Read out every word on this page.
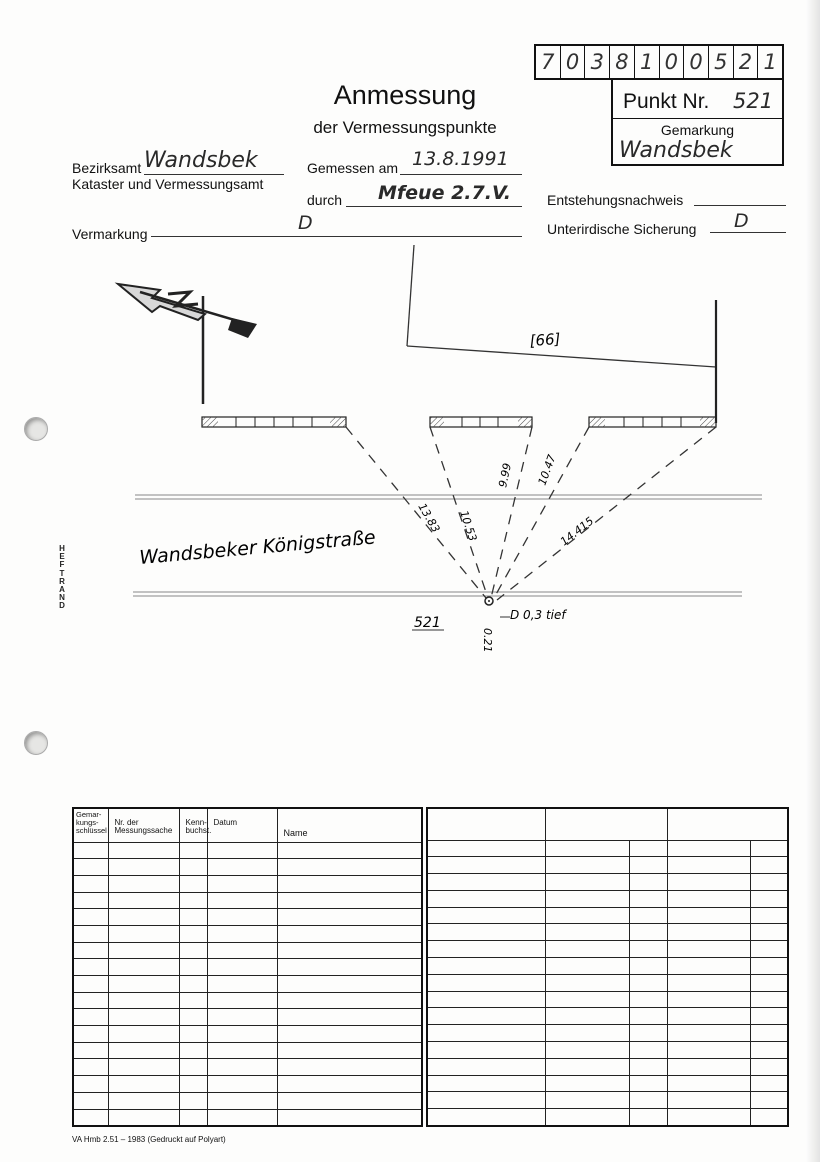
H
E
F
T
R
A
N
D
7 0 3 8 1 0 0 5 2 1
Punkt Nr. 521
Gemarkung
Wandsbek
Anmessung
der Vermessungspunkte
Bezirksamt Wandsbek
Kataster und Vermessungsamt
Gemessen am 13.8.1991
durch Mfeue 2.7.V.	Entstehungsnachweis
Vermarkung	D	Unterirdische Sicherung D
[66]
Wandsbeker Königstraße
521	D 0,3 tief
0.21
13.83 10.53
9.99 10.47
14.415
Gemar-kungs-schlüssel	Nr. der Messungssache	Kenn-buchst.	Datum	Name

VA Hmb 2.51 – 1983 (Gedruckt auf Polyart)
